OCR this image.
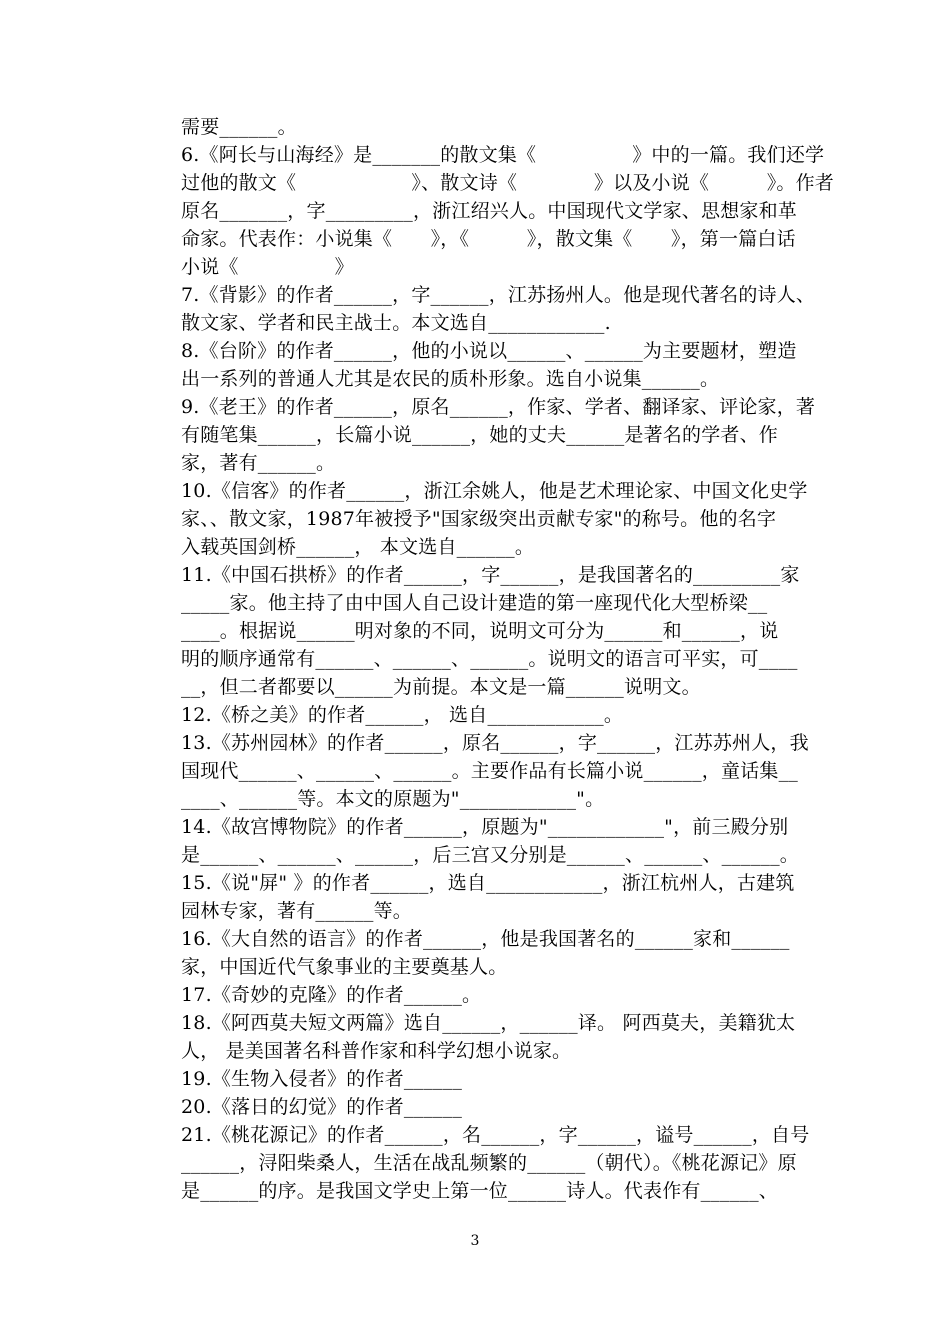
需要______。
6.《阿长与山海经》是_______的散文集《　　　　　》中的一篇。我们还学
过他的散文《　　　　　　》、散文诗《　　　　》以及小说《　　　》。作者
原名_______，字_________，浙江绍兴人。中国现代文学家、思想家和革
命家。代表作：小说集《　　》，《　　　》，散文集《　　》，第一篇白话
小说《　　　　　》
7.《背影》的作者______，字______，江苏扬州人。他是现代著名的诗人、
散文家、学者和民主战士。本文选自____________.
8.《台阶》的作者______，他的小说以______、______为主要题材，塑造
出一系列的普通人尤其是农民的质朴形象。选自小说集______。
9.《老王》的作者______，原名______，作家、学者、翻译家、评论家，著
有随笔集______，长篇小说______，她的丈夫______是著名的学者、作
家，著有______。
10.《信客》的作者______，浙江余姚人，他是艺术理论家、中国文化史学
家、、散文家，1987年被授予"国家级突出贡献专家"的称号。他的名字
入载英国剑桥______， 本文选自______。
11.《中国石拱桥》的作者______，字______，是我国著名的_________家
_____家。他主持了由中国人自己设计建造的第一座现代化大型桥梁__
____。根据说______明对象的不同，说明文可分为______和______，说
明的顺序通常有______、______、______。说明文的语言可平实，可____
__，但二者都要以______为前提。本文是一篇______说明文。
12.《桥之美》的作者______， 选自____________。
13.《苏州园林》的作者______，原名______，字______，江苏苏州人，我
国现代______、______、______。主要作品有长篇小说______，童话集__
____、______等。本文的原题为"____________"。
14.《故宫博物院》的作者______，原题为"____________"，前三殿分别
是______、______、______，后三宫又分别是______、______、______。
15.《说"屏" 》的作者______，选自____________，浙江杭州人，古建筑
园林专家，著有______等。
16.《大自然的语言》的作者______，他是我国著名的______家和______
家，中国近代气象事业的主要奠基人。
17.《奇妙的克隆》的作者______。
18.《阿西莫夫短文两篇》选自______，______译。 阿西莫夫，美籍犹太
人， 是美国著名科普作家和科学幻想小说家。
19.《生物入侵者》的作者______
20.《落日的幻觉》的作者______
21.《桃花源记》的作者______，名______，字______，谥号______，自号
______，浔阳柴桑人，生活在战乱频繁的______（朝代）。《桃花源记》原
是______的序。是我国文学史上第一位______诗人。代表作有______、
3
